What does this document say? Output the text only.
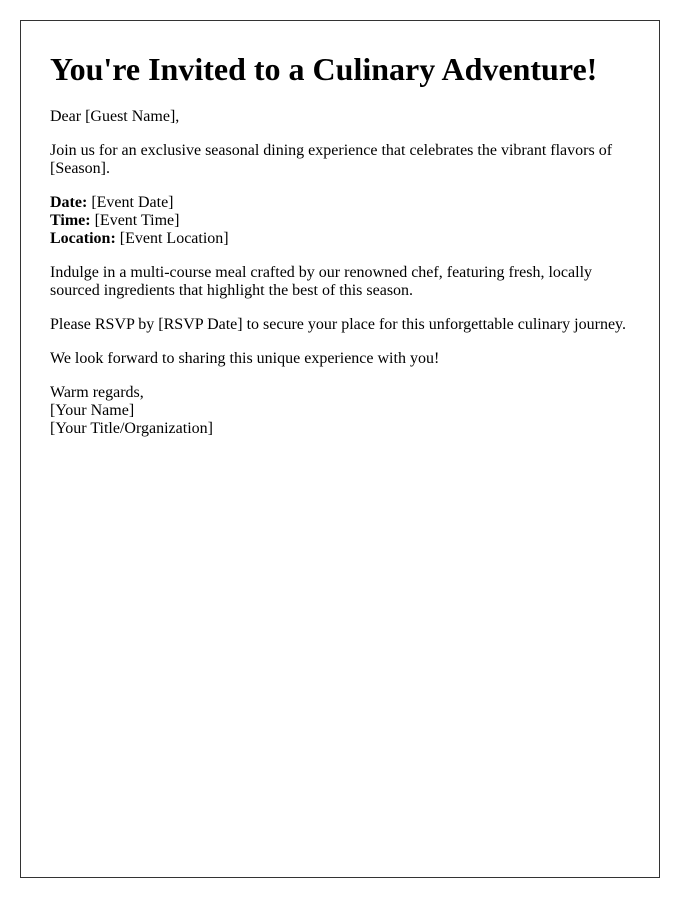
You're Invited to a Culinary Adventure!

Dear [Guest Name],

Join us for an exclusive seasonal dining experience that celebrates the vibrant flavors of [Season].

Date: [Event Date]
Time: [Event Time]
Location: [Event Location]

Indulge in a multi-course meal crafted by our renowned chef, featuring fresh, locally sourced ingredients that highlight the best of this season.

Please RSVP by [RSVP Date] to secure your place for this unforgettable culinary journey.

We look forward to sharing this unique experience with you!

Warm regards,
[Your Name]
[Your Title/Organization]
